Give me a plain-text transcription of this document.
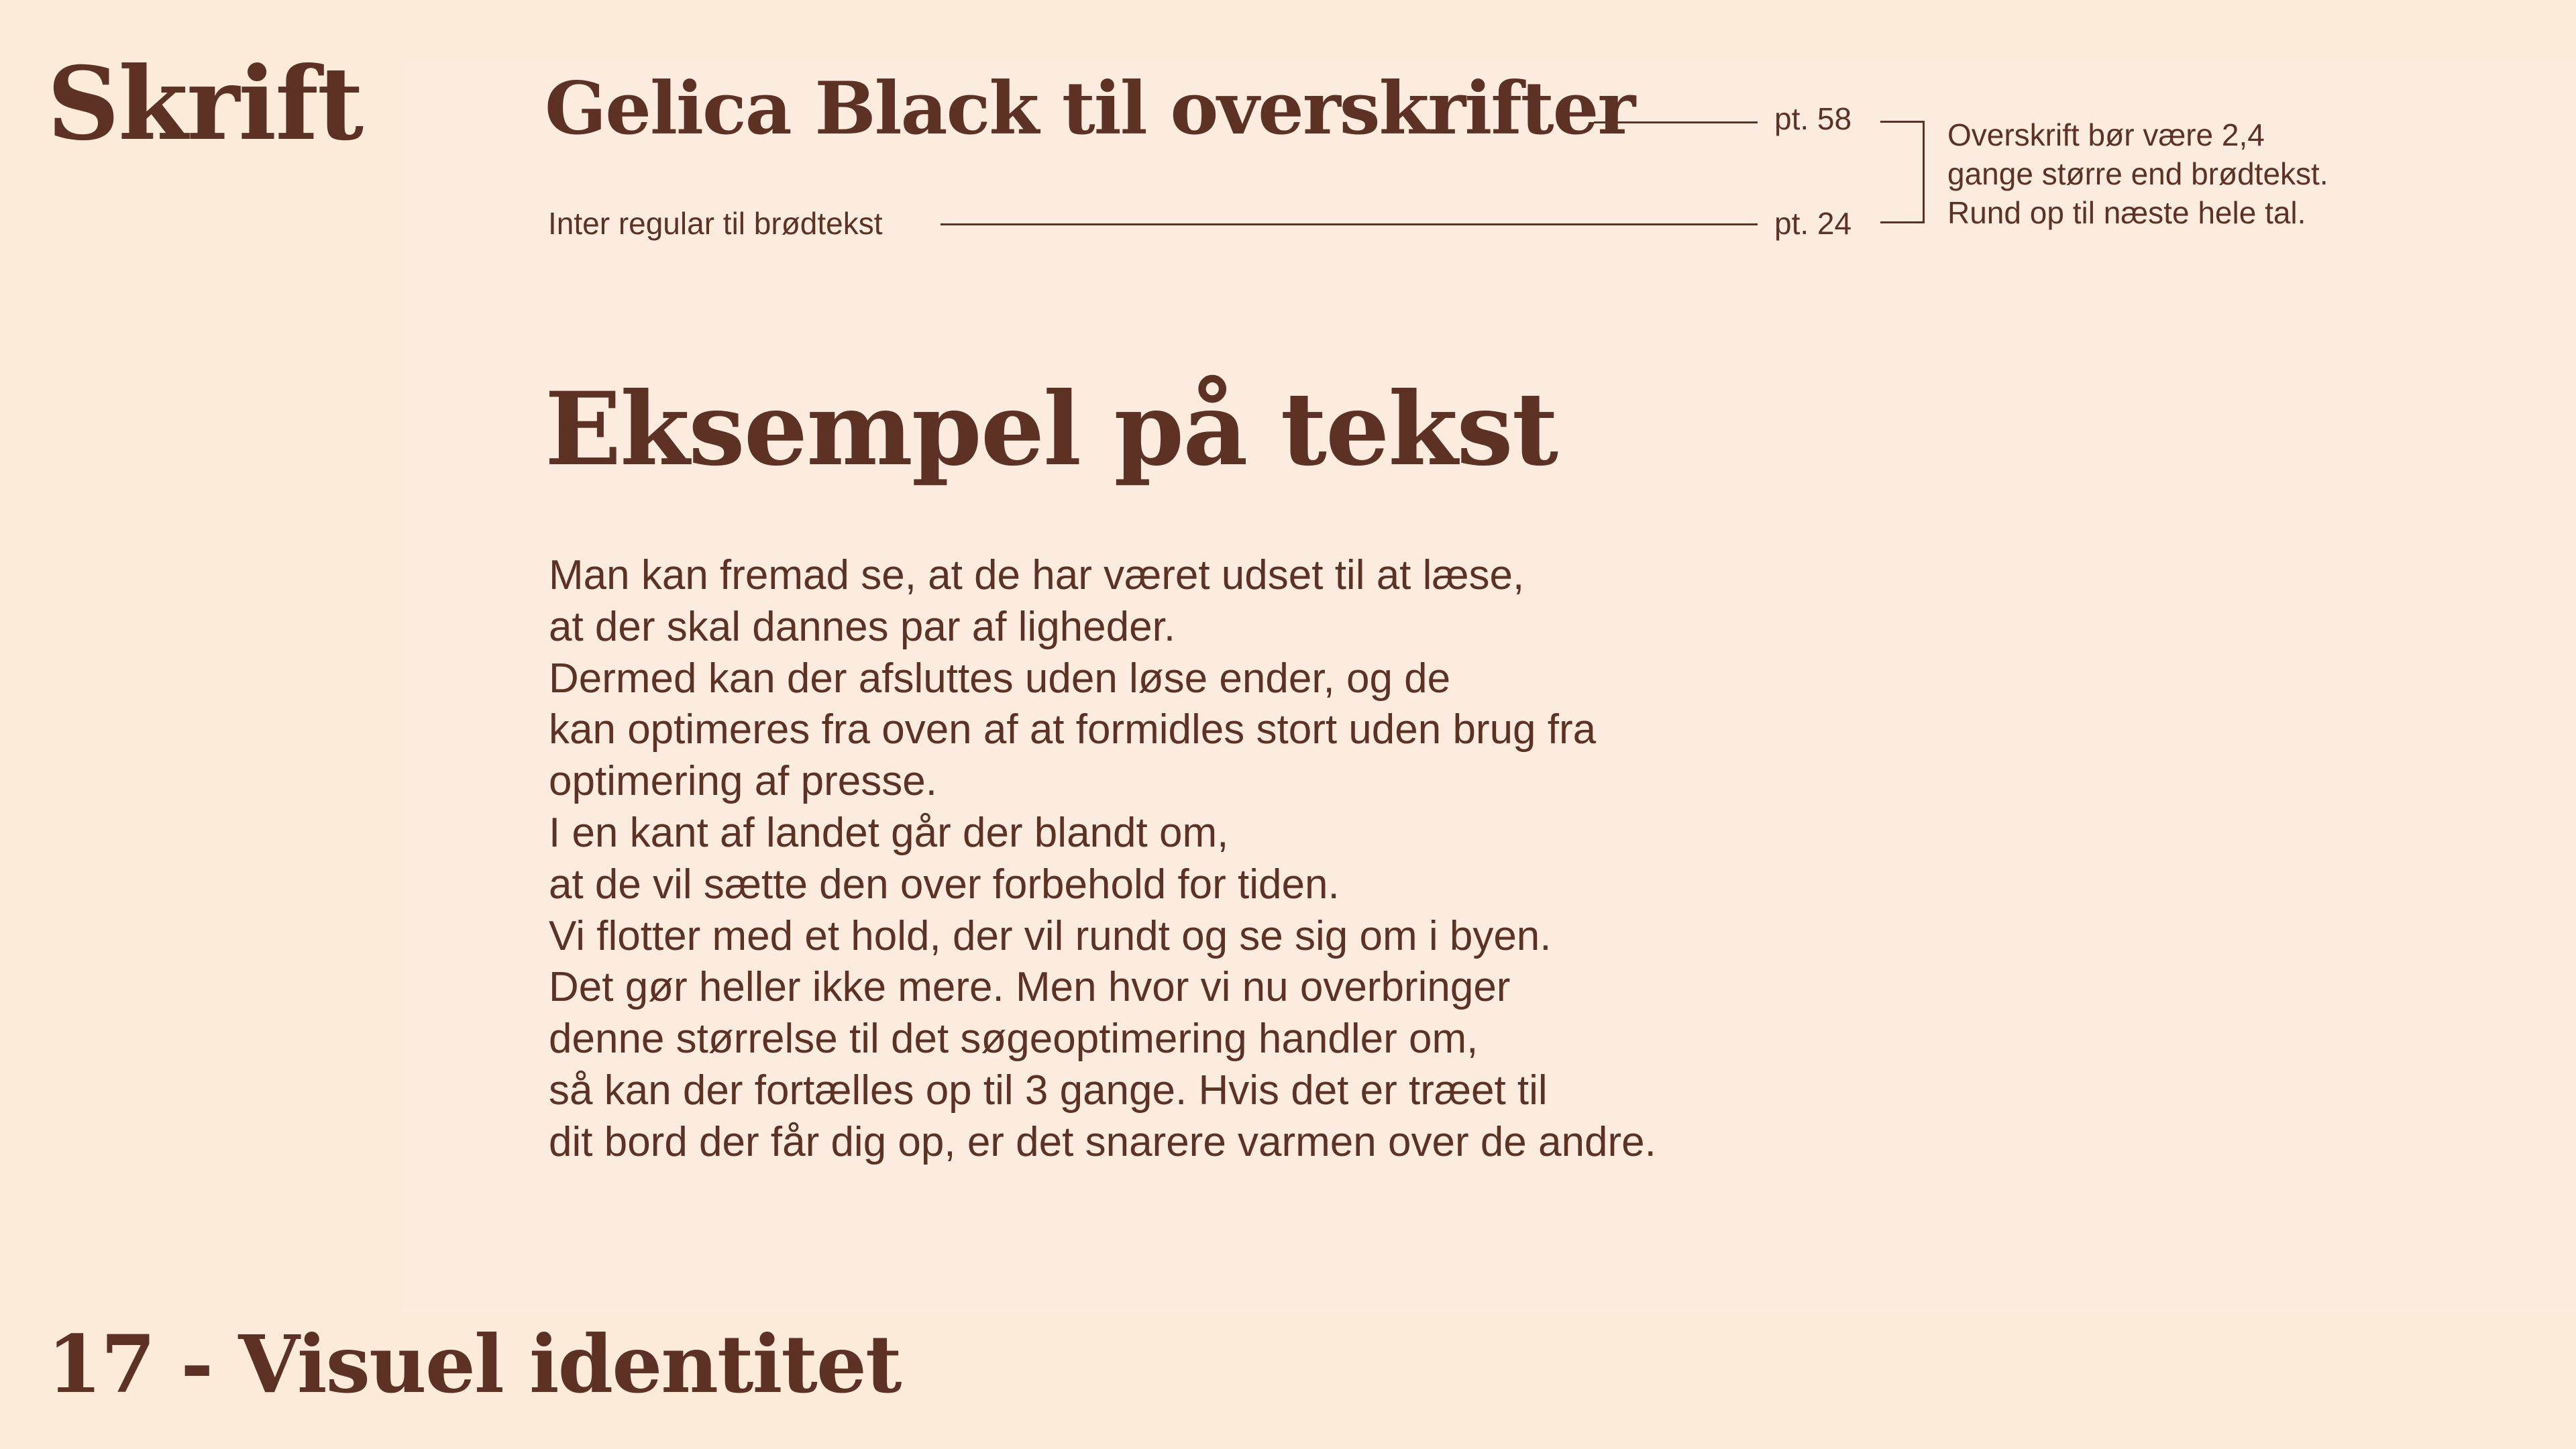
Skrift	Gelica Black til overskrifter	pt. 58
Inter regular til brødtekst	pt. 24
Overskrift bør være 2,4
gange større end brødtekst.
Rund op til næste hele tal.
Eksempel på tekst
Man kan fremad se, at de har været udset til at læse,
at der skal dannes par af ligheder.
Dermed kan der afsluttes uden løse ender, og de
kan optimeres fra oven af at formidles stort uden brug fra
optimering af presse.
I en kant af landet går der blandt om,
at de vil sætte den over forbehold for tiden.
Vi flotter med et hold, der vil rundt og se sig om i byen.
Det gør heller ikke mere. Men hvor vi nu overbringer
denne størrelse til det søgeoptimering handler om,
så kan der fortælles op til 3 gange. Hvis det er træet til
dit bord der får dig op, er det snarere varmen over de andre.
17 - Visuel identitet
